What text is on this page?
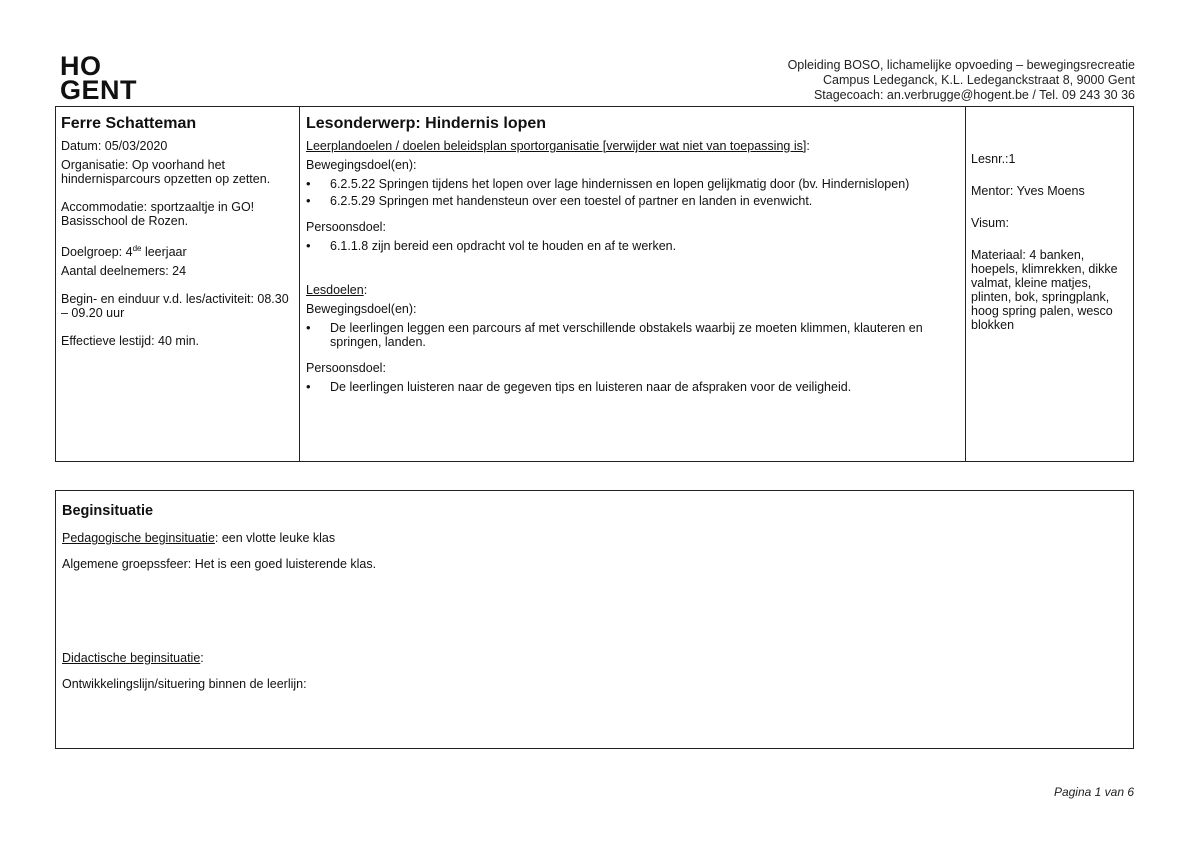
HO
GENT
Opleiding BOSO, lichamelijke opvoeding – bewegingsrecreatie
Campus Ledeganck, K.L. Ledeganckstraat 8, 9000 Gent
Stagecoach: an.verbrugge@hogent.be / Tel. 09 243 30 36
Ferre Schatteman
Datum: 05/03/2020
Organisatie: Op voorhand het hindernisparcours opzetten op zetten.
Accommodatie: sportzaaltje in GO! Basisschool de Rozen.
Doelgroep: 4de leerjaar
Aantal deelnemers: 24
Begin- en einduur v.d. les/activiteit: 08.30 – 09.20 uur
Effectieve lestijd: 40 min.
Lesonderwerp: Hindernis lopen
Leerplandoelen / doelen beleidsplan sportorganisatie [verwijder wat niet van toepassing is]:
Bewegingsdoel(en):
• 6.2.5.22 Springen tijdens het lopen over lage hindernissen en lopen gelijkmatig door (bv. Hindernislopen)
• 6.2.5.29 Springen met handensteun over een toestel of partner en landen in evenwicht.
Persoonsdoel:
• 6.1.1.8 zijn bereid een opdracht vol te houden en af te werken.
Lesdoelen:
Bewegingsdoel(en):
• De leerlingen leggen een parcours af met verschillende obstakels waarbij ze moeten klimmen, klauteren en springen, landen.
Persoonsdoel:
• De leerlingen luisteren naar de gegeven tips en luisteren naar de afspraken voor de veiligheid.
Lesnr.:1
Mentor: Yves Moens
Visum:
Materiaal: 4 banken, hoepels, klimrekken, dikke valmat, kleine matjes, plinten, bok, springplank, hoog spring palen, wesco blokken
Beginsituatie
Pedagogische beginsituatie: een vlotte leuke klas
Algemene groepssfeer: Het is een goed luisterende klas.
Didactische beginsituatie:
Ontwikkelingslijn/situering binnen de leerlijn:
Pagina 1 van 6
